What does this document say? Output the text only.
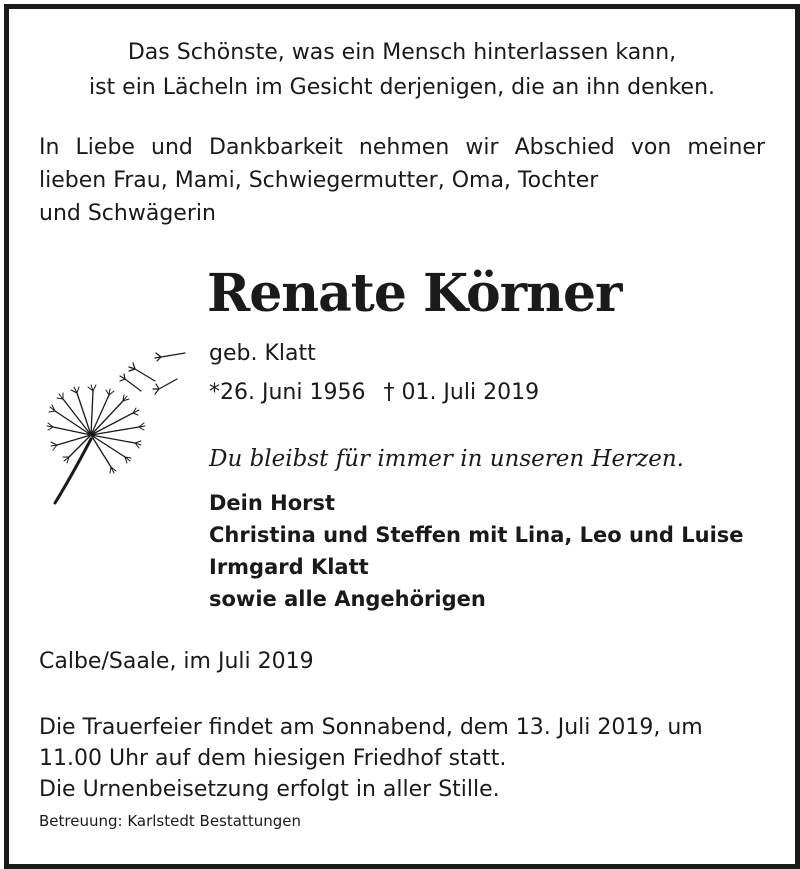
Das Schönste, was ein Mensch hinterlassen kann,
ist ein Lächeln im Gesicht derjenigen, die an ihn denken.

In Liebe und Dankbarkeit nehmen wir Abschied von meiner lieben Frau, Mami, Schwiegermutter, Oma, Tochter
und Schwägerin

Renate Körner
geb. Klatt
*26. Juni 1956 † 01. Juli 2019
Du bleibst für immer in unseren Herzen.
Dein Horst
Christina und Steffen mit Lina, Leo und Luise
Irmgard Klatt
sowie alle Angehörigen
Calbe/Saale, im Juli 2019
Die Trauerfeier findet am Sonnabend, dem 13. Juli 2019, um
11.00 Uhr auf dem hiesigen Friedhof statt.
Die Urnenbeisetzung erfolgt in aller Stille.
Betreuung: Karlstedt Bestattungen
